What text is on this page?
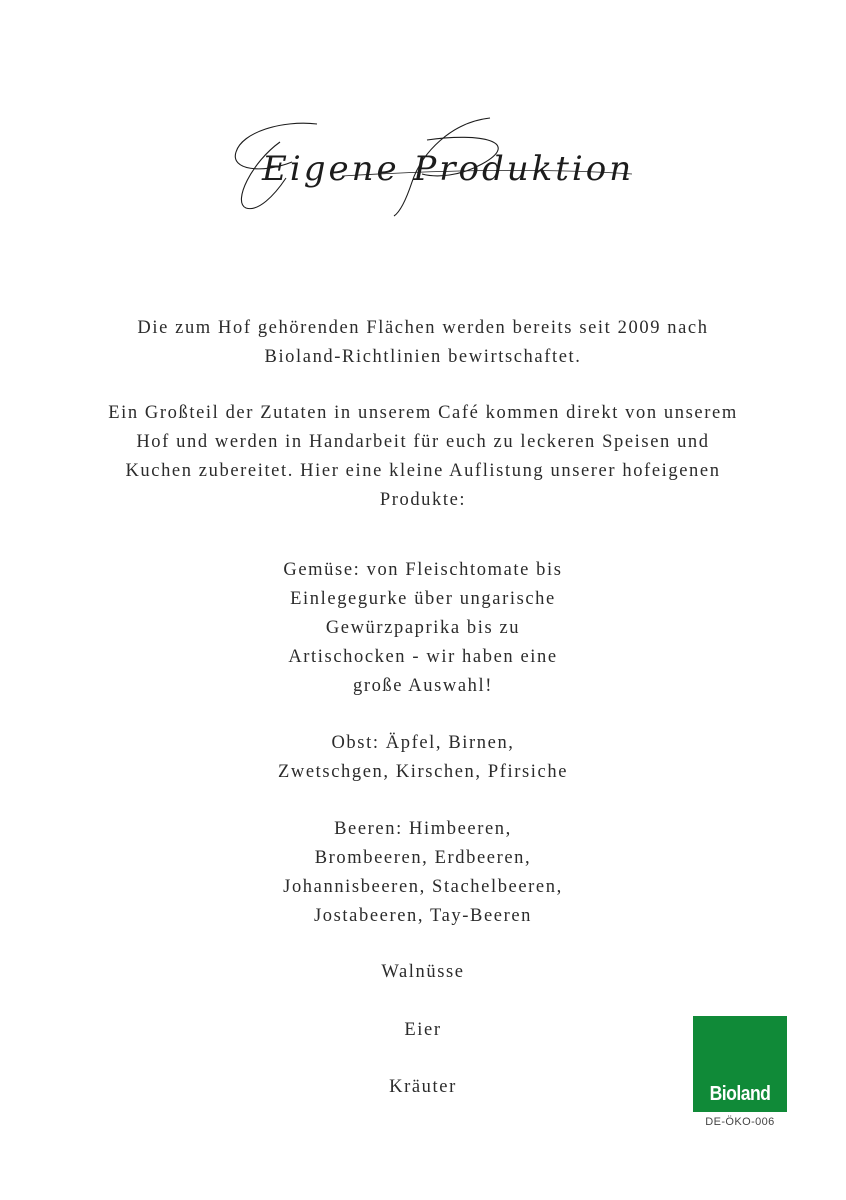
Eigene Produktion

Die zum Hof gehörenden Flächen werden bereits seit 2009 nach Bioland-Richtlinien bewirtschaftet.

Ein Großteil der Zutaten in unserem Café kommen direkt von unserem Hof und werden in Handarbeit für euch zu leckeren Speisen und Kuchen zubereitet. Hier eine kleine Auflistung unserer hofeigenen Produkte:

Gemüse: von Fleischtomate bis Einlegegurke über ungarische Gewürzpaprika bis zu Artischocken - wir haben eine große Auswahl!

Obst: Äpfel, Birnen, Zwetschgen, Kirschen, Pfirsiche

Beeren: Himbeeren, Brombeeren, Erdbeeren, Johannisbeeren, Stachelbeeren, Jostabeeren, Tay-Beeren

Walnüsse

Eier

Kräuter	Bioland
DE-ÖKO-006
